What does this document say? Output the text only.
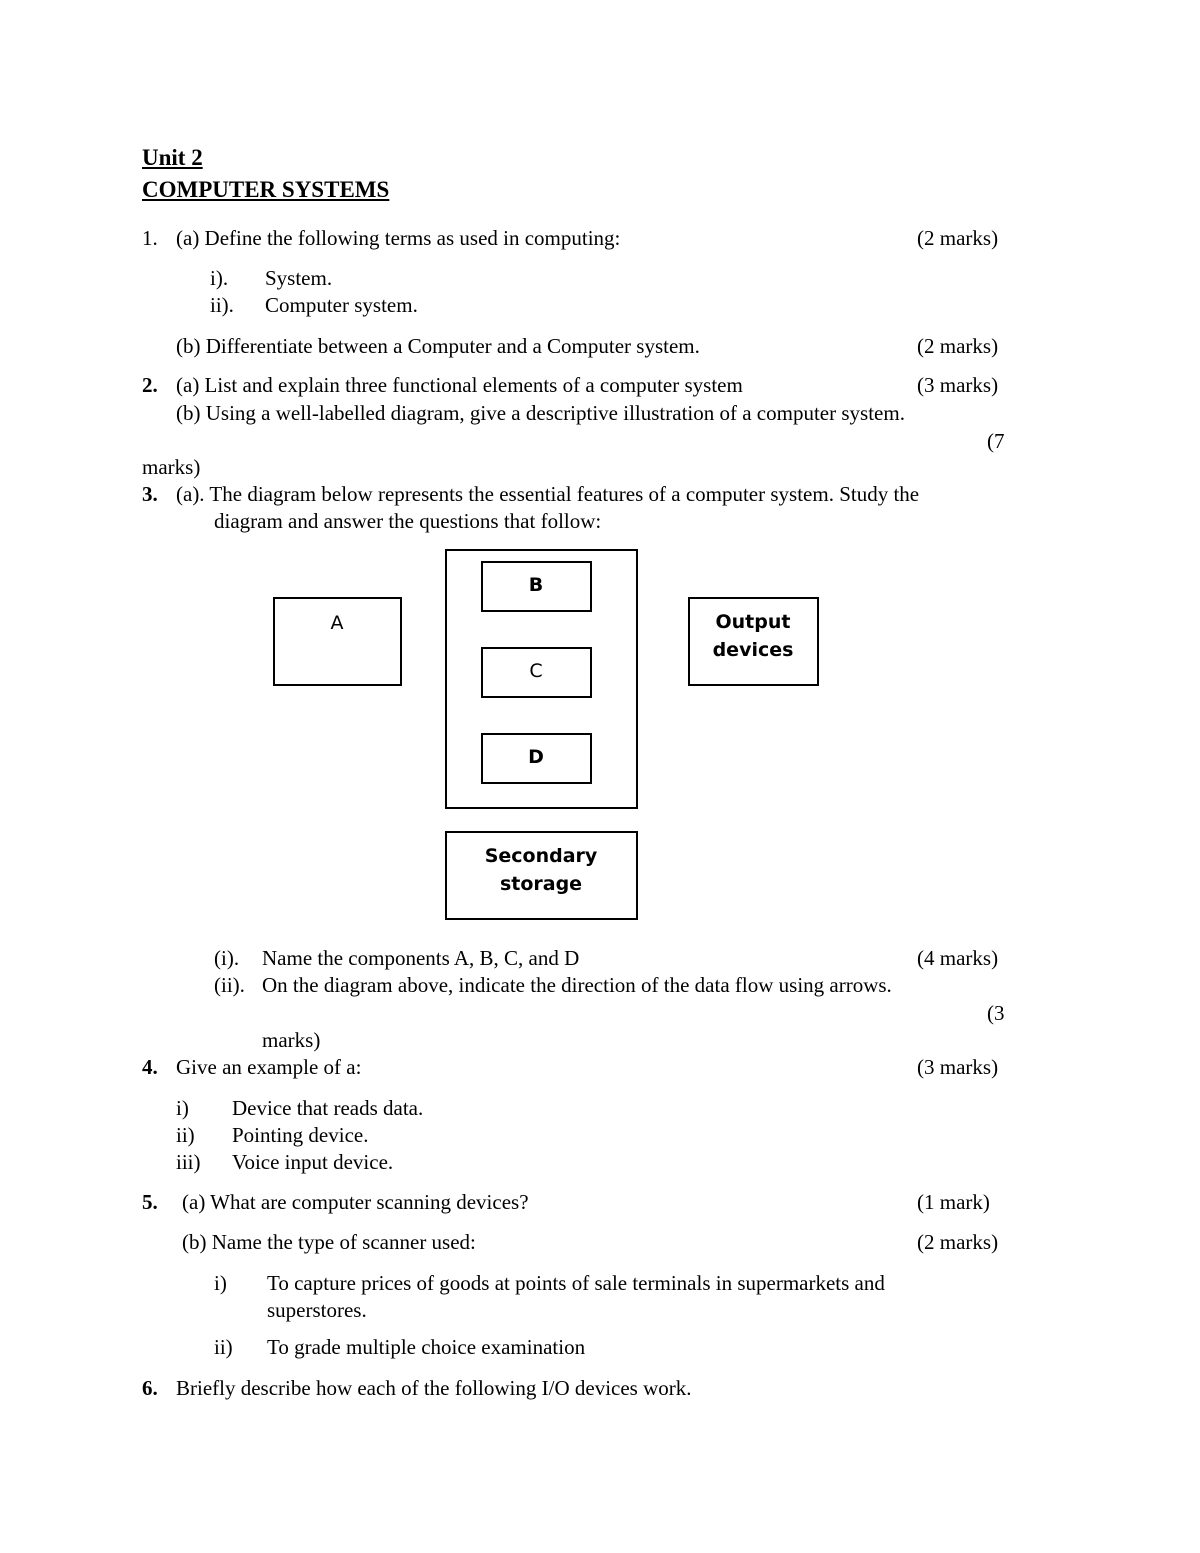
Unit 2
COMPUTER SYSTEMS
1. (a) Define the following terms as used in computing:	(2 marks)
i). System.
ii). Computer system.
(b) Differentiate between a Computer and a Computer system.	(2 marks)
2. (a) List and explain three functional elements of a computer system	(3 marks)
(b) Using a well-labelled diagram, give a descriptive illustration of a computer system.
(7
marks)
3. (a). The diagram below represents the essential features of a computer system. Study the
diagram and answer the questions that follow:
A
B
C
D
Output devices
Secondary storage
(i). Name the components A, B, C, and D	(4 marks)
(ii). On the diagram above, indicate the direction of the data flow using arrows.
(3
marks)
4. Give an example of a:	(3 marks)
i) Device that reads data.
ii) Pointing device.
iii) Voice input device.
5. (a) What are computer scanning devices?	(1 mark)
(b) Name the type of scanner used:	(2 marks)
i) To capture prices of goods at points of sale terminals in supermarkets and
superstores.
ii) To grade multiple choice examination
6. Briefly describe how each of the following I/O devices work.
